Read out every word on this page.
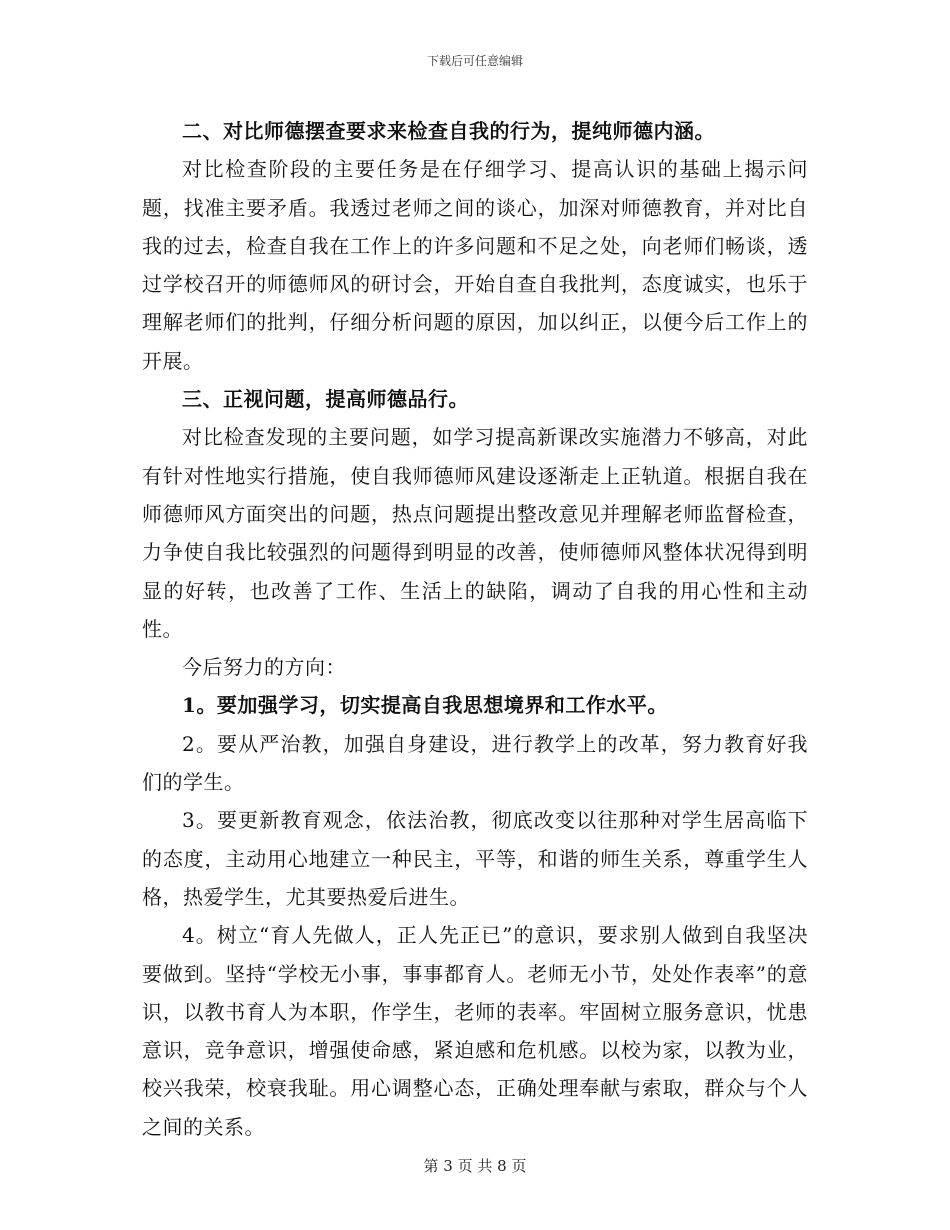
下载后可任意编辑

二、对比师德摆查要求来检查自我的行为，提纯师德内涵。

对比检查阶段的主要任务是在仔细学习、提高认识的基础上揭示问题，找准主要矛盾。我透过老师之间的谈心，加深对师德教育，并对比自我的过去，检查自我在工作上的许多问题和不足之处，向老师们畅谈，透过学校召开的师德师风的研讨会，开始自查自我批判，态度诚实，也乐于理解老师们的批判，仔细分析问题的原因，加以纠正，以便今后工作上的开展。

三、正视问题，提高师德品行。

对比检查发现的主要问题，如学习提高新课改实施潜力不够高，对此有针对性地实行措施，使自我师德师风建设逐渐走上正轨道。根据自我在师德师风方面突出的问题，热点问题提出整改意见并理解老师监督检查，力争使自我比较强烈的问题得到明显的改善，使师德师风整体状况得到明显的好转，也改善了工作、生活上的缺陷，调动了自我的用心性和主动性。

今后努力的方向：

1。要加强学习，切实提高自我思想境界和工作水平。

2。要从严治教，加强自身建设，进行教学上的改革，努力教育好我们的学生。

3。要更新教育观念，依法治教，彻底改变以往那种对学生居高临下的态度，主动用心地建立一种民主，平等，和谐的师生关系，尊重学生人格，热爱学生，尤其要热爱后进生。

4。树立“育人先做人，正人先正已”的意识，要求别人做到自我坚决要做到。坚持“学校无小事，事事都育人。老师无小节，处处作表率”的意识，以教书育人为本职，作学生，老师的表率。牢固树立服务意识，忧患意识，竞争意识，增强使命感，紧迫感和危机感。以校为家，以教为业，校兴我荣，校衰我耻。用心调整心态，正确处理奉献与索取，群众与个人之间的关系。

第 3 页 共 8 页
